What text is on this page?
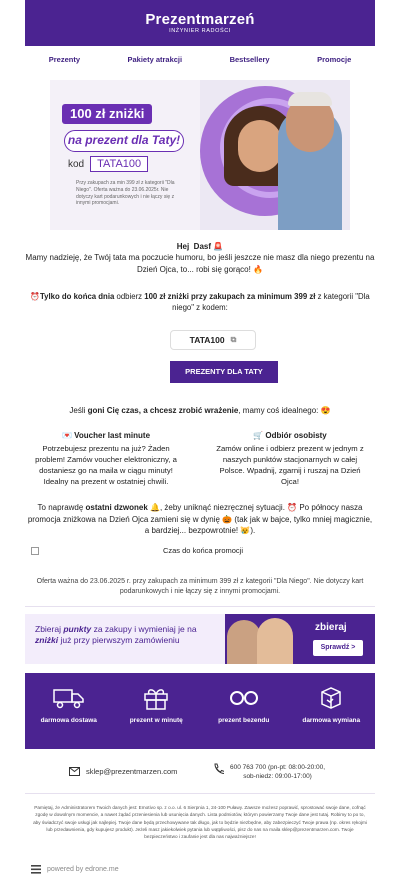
Prezentmarzeń
INŻYNIER RADOŚCI
Prezenty	Pakiety atrakcji	Bestsellery	Promocje
100 zł zniżki
na prezent dla Taty!
kod	TATA100
Przy zakupach za min 399 zł z kategorii "Dla Niego". Oferta ważna do 23.06.2025r. Nie dotyczy kart podarunkowych i nie łączy się z innymi promocjami.
Hej Dasf 🚨
Mamy nadzieję, że Twój tata ma poczucie humoru, bo jeśli jeszcze nie masz dla niego prezentu na Dzień Ojca, to... robi się gorąco! 🔥
⏰Tylko do końca dnia odbierz 100 zł zniżki przy zakupach za minimum 399 zł z kategorii "Dla niego" z kodem:
TATA100 ⧉
PREZENTY DLA TATY
Jeśli goni Cię czas, a chcesz zrobić wrażenie, mamy coś idealnego: 😍
💌 Voucher last minute
Potrzebujesz prezentu na już? Żaden problem! Zamów voucher elektroniczny, a dostaniesz go na maila w ciągu minuty! Idealny na prezent w ostatniej chwili.
🛒 Odbiór osobisty
Zamów online i odbierz prezent w jednym z naszych punktów stacjonarnych w całej Polsce. Wpadnij, zgarnij i ruszaj na Dzień Ojca!
To naprawdę ostatni dzwonek 🔔, żeby uniknąć niezręcznej sytuacji. ⏰ Po północy nasza promocja zniżkowa na Dzień Ojca zamieni się w dynię 🎃 (tak jak w bajce, tylko mniej magicznie, a bardziej... bezpowrotnie! 😿).
Czas do końca promocji
Oferta ważna do 23.06.2025 r. przy zakupach za minimum 399 zł z kategorii "Dla Niego". Nie dotyczy kart podarunkowych i nie łączy się z innymi promocjami.
Zbieraj punkty za zakupy i wymieniaj je na zniżki już przy pierwszym zamówieniu
zbieraj
Sprawdź >
darmowa dostawa	prezent w minutę	prezent bezendu	darmowa wymiana
sklep@prezentmarzen.com	600 763 700 (pn-pt: 08:00-20:00,
sob-niedz: 09:00-17:00)
Pamiętaj, że Administratorem Twoich danych jest: Emotivo sp. z o.o. ul. 6 Sierpnia 1, 24-100 Puławy. Zawsze możesz poprawić, sprostować swoje dane, cofnąć zgodę w dowolnym momencie, a nawet żądać przeniesienia lub usunięcia danych. Lista podmiotów, którym powierzamy Twoje dane jest tutaj. Robimy to po to, aby świadczyć swoje usługi jak najlepiej. Twoje dane będą przechowywane tak długo, jak to będzie niezbędne, aby zabezpieczyć Twoje prawa (np. okres rękojmi lub przedawnienia, gdy kupujesz produkt). Jeżeli masz jakiekolwiek pytania lub wątpliwości, pisz do nas na maila sklep@prezentmarzen.com. Twoje bezpieczeństwo i zaufanie jest dla nas najważniejsze!
powered by edrone.me
